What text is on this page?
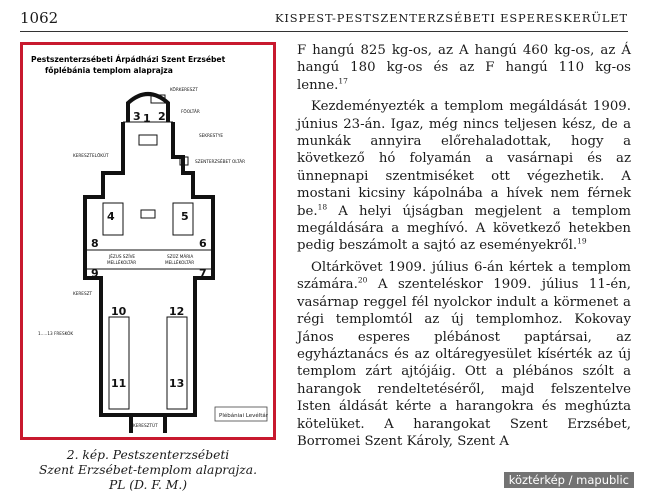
1062	KISPEST-PESTSZENTERZSÉBETI ESPERESKERÜLET
Pestszenterzsébeti Árpádházi Szent Erzsébet
főplébánia templom alaprajza
KÖRKERESZT
FŐOLTÁR
SEKRESTYE
KERESZTELŐKÚT
SZENTERZSÉBET OLTÁR
JÉZUS SZÍVE
MELLÉKOLTÁR
SZŰZ MÁRIA
MELLÉKOLTÁR
KERESZT
1.....13 FRESKÓK
KERESZTÚT
1 2
3
4	5
6
7
8
9
10
11
12
13
Plébániai Levéltár
2. kép. Pestszenterzsébeti
Szent Erzsébet-templom alaprajza.
PL (D. F. M.)

F hangú 825 kg-os, az A hangú 460 kg-os, az Á hangú 180 kg-os és az F hangú 110 kg-os lenne.$^{17}$

Kezdeményezték a templom megáldását 1909. június 23-án. Igaz, még nincs teljesen kész, de a munkák annyira előrehaladottak, hogy a következő hó folyamán a vasárnapi és az ünnepnapi szentmiséket ott végezhetik. A mostani kicsiny kápolnába a hívek nem férnek be.$^{18}$ A helyi újságban megjelent a templom megáldására a meghívó. A következő hetekben pedig beszámolt a sajtó az eseményekről.$^{19}$

Oltárkövet 1909. július 6-án kértek a templom számára.$^{20}$ A szenteléskor 1909. július 11-én, vasárnap reggel fél nyolckor indult a körmenet a régi templomtól az új templomhoz. Kokovay János esperes plébánost paptársai, az egyháztanács és az oltáregyesület kísérték az új templom zárt ajtójáig. Ott a plébános szólt a harangok rendeltetéséről, majd felszentelve Isten áldását kérte a harangokra és meghúzta kötelüket. A harangokat Szent Erzsébet, Borromei Szent Károly, Szent A

köztérkép / mapublic
